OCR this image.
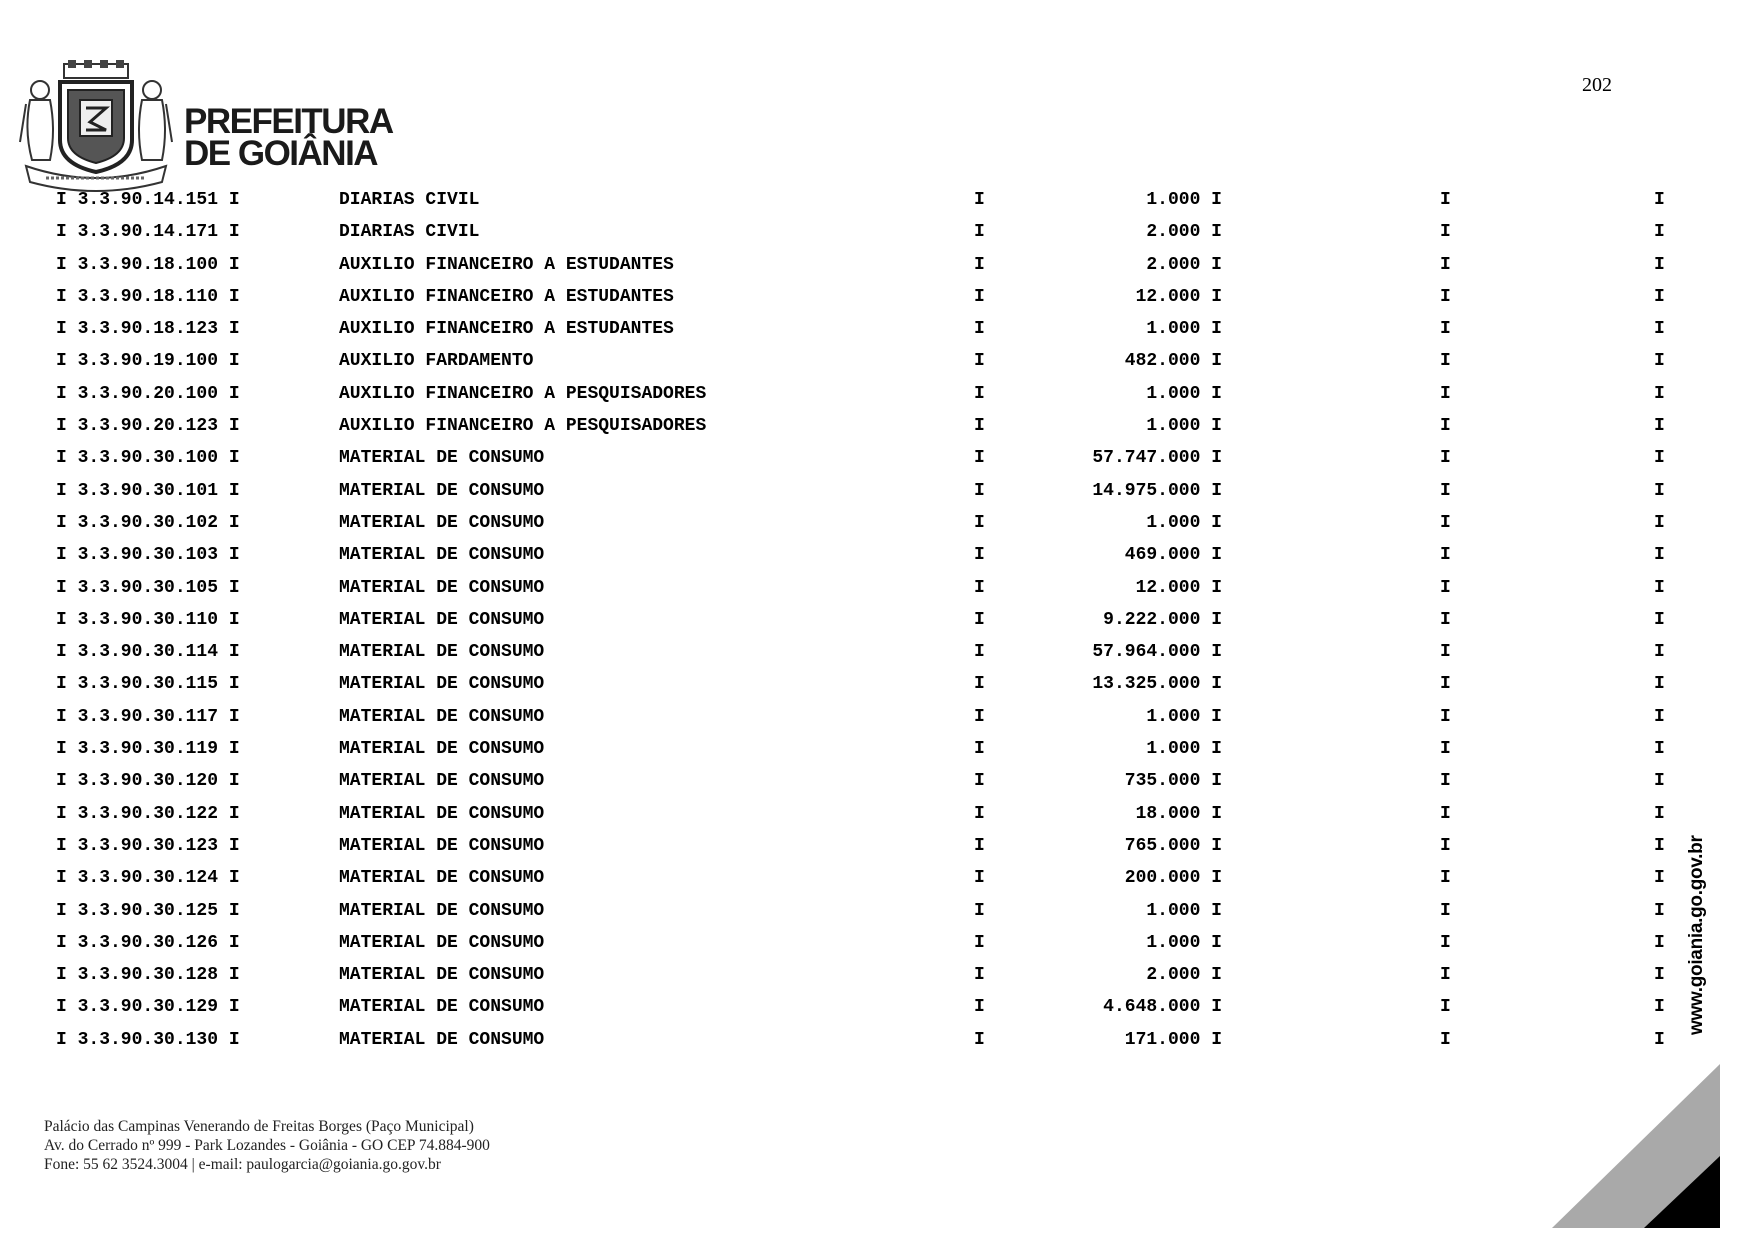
202
PREFEITURA
DE GOIÂNIA
I 3.3.90.14.151 I	DIARIAS CIVIL	I	1.000 I	I	I
I 3.3.90.14.171 I	DIARIAS CIVIL	I	2.000 I	I	I
I 3.3.90.18.100 I	AUXILIO FINANCEIRO A ESTUDANTES	I	2.000 I	I	I
I 3.3.90.18.110 I	AUXILIO FINANCEIRO A ESTUDANTES	I	12.000 I	I	I
I 3.3.90.18.123 I	AUXILIO FINANCEIRO A ESTUDANTES	I	1.000 I	I	I
I 3.3.90.19.100 I	AUXILIO FARDAMENTO	I	482.000 I	I	I
I 3.3.90.20.100 I	AUXILIO FINANCEIRO A PESQUISADORES	I	1.000 I	I	I
I 3.3.90.20.123 I	AUXILIO FINANCEIRO A PESQUISADORES	I	1.000 I	I	I
I 3.3.90.30.100 I	MATERIAL DE CONSUMO	I	57.747.000 I	I	I
I 3.3.90.30.101 I	MATERIAL DE CONSUMO	I	14.975.000 I	I	I
I 3.3.90.30.102 I	MATERIAL DE CONSUMO	I	1.000 I	I	I
I 3.3.90.30.103 I	MATERIAL DE CONSUMO	I	469.000 I	I	I
I 3.3.90.30.105 I	MATERIAL DE CONSUMO	I	12.000 I	I	I
I 3.3.90.30.110 I	MATERIAL DE CONSUMO	I	9.222.000 I	I	I
I 3.3.90.30.114 I	MATERIAL DE CONSUMO	I	57.964.000 I	I	I
I 3.3.90.30.115 I	MATERIAL DE CONSUMO	I	13.325.000 I	I	I
I 3.3.90.30.117 I	MATERIAL DE CONSUMO	I	1.000 I	I	I
I 3.3.90.30.119 I	MATERIAL DE CONSUMO	I	1.000 I	I	I
I 3.3.90.30.120 I	MATERIAL DE CONSUMO	I	735.000 I	I	I
I 3.3.90.30.122 I	MATERIAL DE CONSUMO	I	18.000 I	I	I
I 3.3.90.30.123 I	MATERIAL DE CONSUMO	I	765.000 I	I	I
I 3.3.90.30.124 I	MATERIAL DE CONSUMO	I	200.000 I	I	I
I 3.3.90.30.125 I	MATERIAL DE CONSUMO	I	1.000 I	I	I
I 3.3.90.30.126 I	MATERIAL DE CONSUMO	I	1.000 I	I	I
I 3.3.90.30.128 I	MATERIAL DE CONSUMO	I	2.000 I	I	I
I 3.3.90.30.129 I	MATERIAL DE CONSUMO	I	4.648.000 I	I	I
I 3.3.90.30.130 I	MATERIAL DE CONSUMO	I	171.000 I	I	I
www.goiania.go.gov.br
Palácio das Campinas Venerando de Freitas Borges (Paço Municipal)
Av. do Cerrado nº 999 - Park Lozandes - Goiânia - GO CEP 74.884-900
Fone: 55 62 3524.3004 | e-mail: paulogarcia@goiania.go.gov.br
